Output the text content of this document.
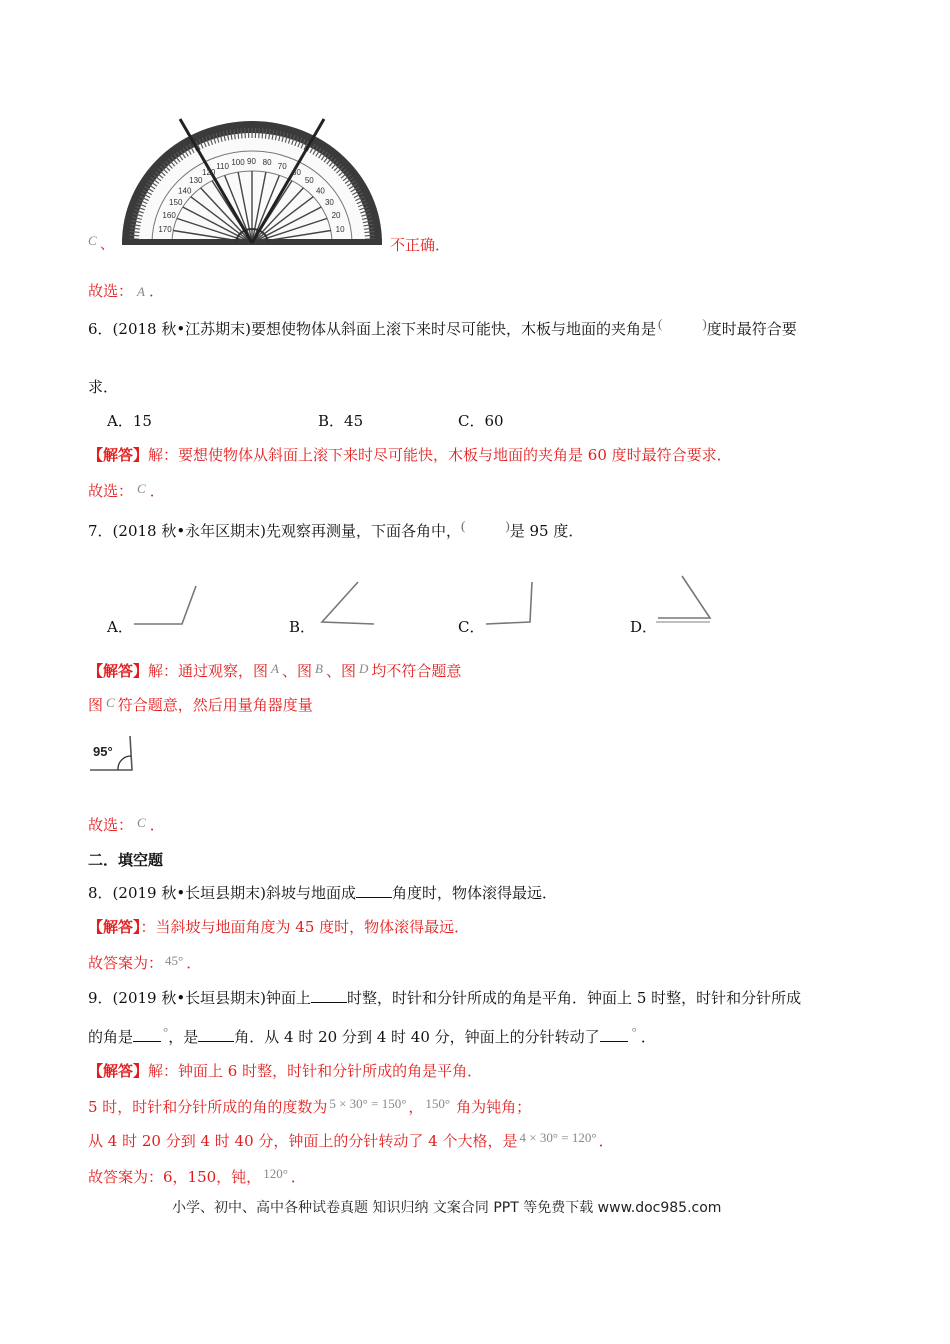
C 、
10
20
30
40
50
60
70
80
90
100
110
120
130
140
150
160
170
不正确．
故选： A ．
6．(2018 秋•江苏期末)要想使物体从斜面上滚下来时尽可能快，木板与地面的夹角是 (	)度时最符合要
求．
A．15	B．45	C．60
【解答】解：要想使物体从斜面上滚下来时尽可能快，木板与地面的夹角是 60 度时最符合要求．
故选： C ．
7．(2018 秋•永年区期末)先观察再测量，下面各角中，(	)是 95 度．
A．	B．	C．	D．
【解答】解：通过观察，图 A 、图 B 、图 D 均不符合题意
图 C 符合题意，然后用量角器度量
95°
故选： C ．
二．填空题
8．(2019 秋•长垣县期末)斜坡与地面成 角度时，物体滚得最远．
【解答】：当斜坡与地面角度为 45 度时，物体滚得最远．
故答案为： 45° ．
9．(2019 秋•长垣县期末)钟面上 时整，时针和分针所成的角是平角．钟面上 5 时整，时针和分针所成
的角是 °，是 角．从 4 时 20 分到 4 时 40 分，钟面上的分针转动了 ° ．
【解答】解：钟面上 6 时整，时针和分针所成的角是平角．
5 时，时针和分针所成的角的度数为 5 × 30° = 150° ， 150° 角为钝角；
从 4 时 20 分到 4 时 40 分，钟面上的分针转动了 4 个大格，是 4 × 30° = 120° ．
故答案为：6，150，钝， 120° ．
小学、初中、高中各种试卷真题 知识归纳 文案合同 PPT 等免费下载 www.doc985.com
